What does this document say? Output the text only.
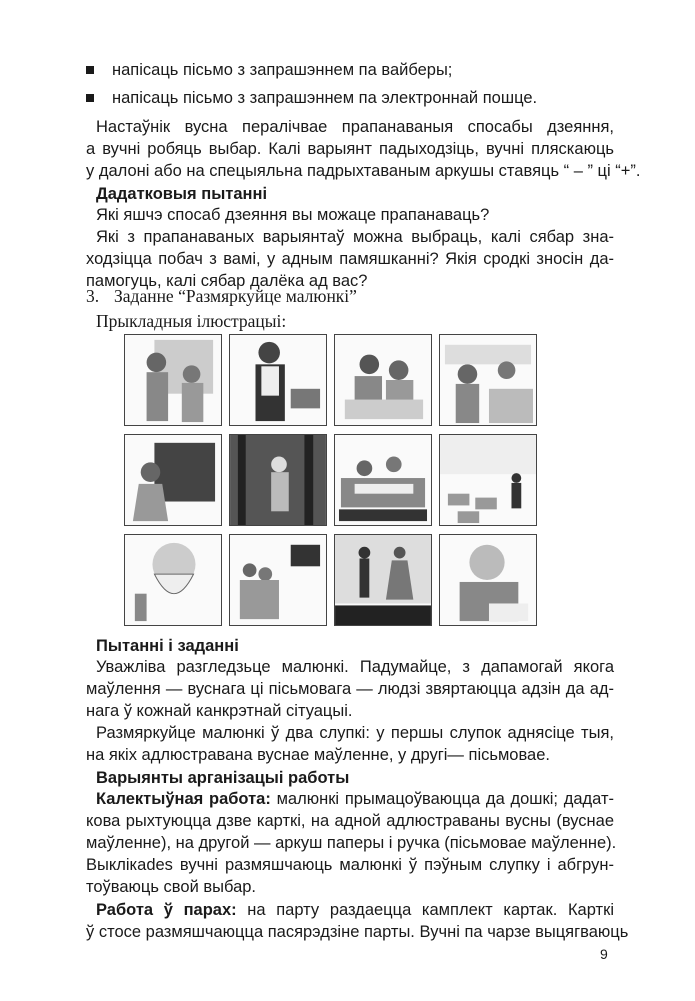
напісаць пісьмо з запрашэннем па вайберы;
напісаць пісьмо з запрашэннем па электроннай пошце.
Настаўнік вусна пералічвае прапанаваныя спосабы дзеяння,
а вучні робяць выбар. Калі варыянт падыходзіць, вучні пляскаюць
у далоні або на спецыяльна падрыхтаваным аркушы ставяць “ – ” ці “+”.
Дадатковыя пытанні
Які яшчэ спосаб дзеяння вы можаце прапанаваць?
Які з прапанаваных варыянтаў можна выбраць, калі сябар зна-
ходзіцца побач з вамі, у адным памяшканні? Якія сродкі зносін да-
памогуць, калі сябар далёка ад вас?
3. Заданне “Размяркуйце малюнкі”
Прыкладныя ілюстрацыі:
Пытанні і заданні
Уважліва разгледзьце малюнкі. Падумайце, з дапамогай якога
маўлення — вуснага ці пісьмовага — людзі звяртаюцца адзін да ад-
нага ў кожнай канкрэтнай сітуацыі.
Размяркуйце малюнкі ў два слупкі: у першы слупок аднясіце тыя,
на якіх адлюстравана вуснае маўленне, у другі— пісьмовае.
Варыянты арганізацыі работы
Калектыўная работа: малюнкі прымацоўваюцца да дошкі; дадат-
кова рыхтуюцца дзве карткі, на адной адлюстраваны вусны (вуснае
маўленне), на другой — аркуш паперы і ручка (пісьмовае маўленне).
Выклікаdes вучні размяшчаюць малюнкі ў пэўным слупку і абгрун-
тоўваюць свой выбар.
Работа ў парах: на парту раздаецца камплект картак. Карткі
ў стосе размяшчаюцца пасярэдзіне парты. Вучні па чарзе выцягваюць
9
